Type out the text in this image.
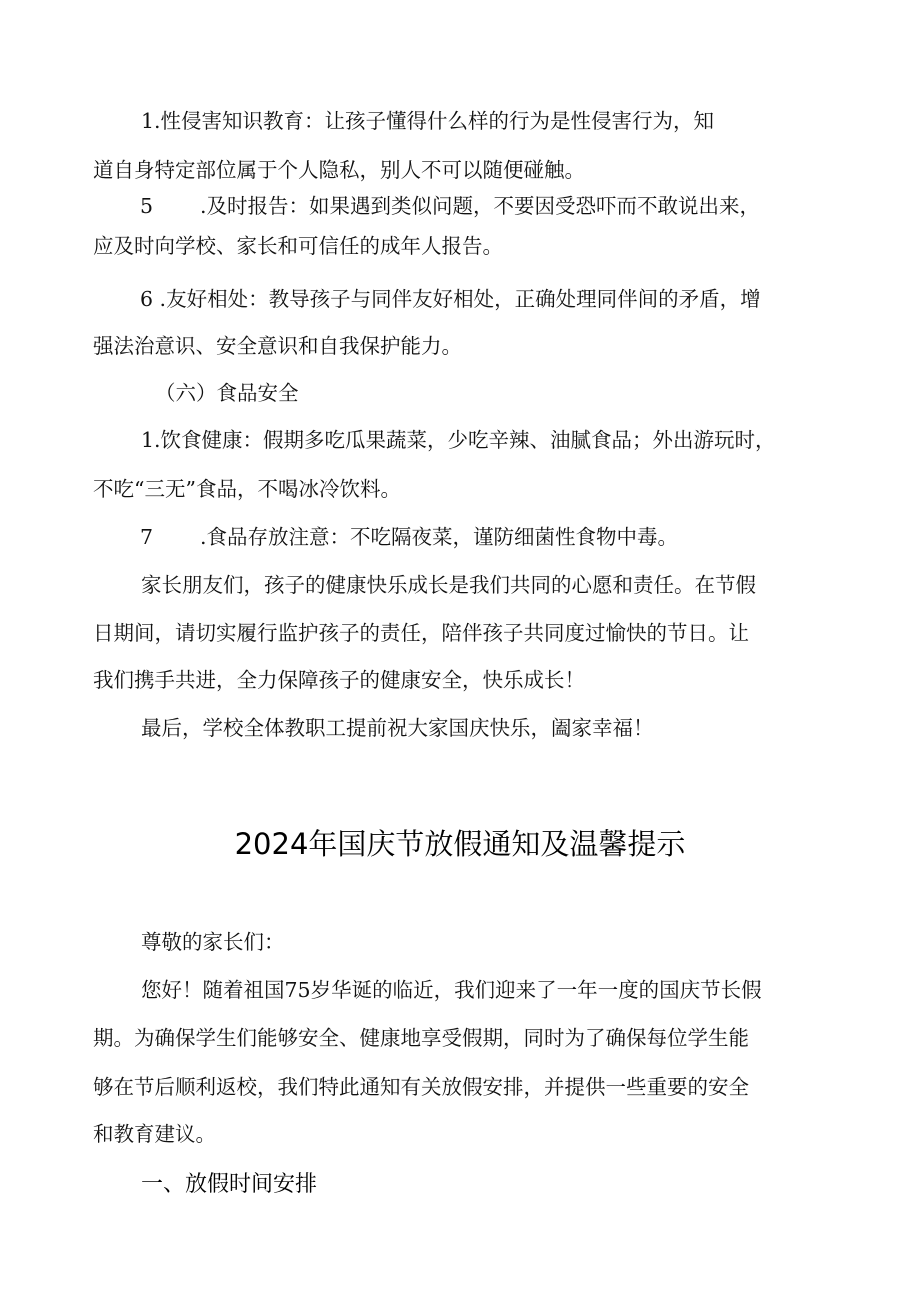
1.性侵害知识教育：让孩子懂得什么样的行为是性侵害行为，知
道自身特定部位属于个人隐私，别人不可以随便碰触。
5 .及时报告：如果遇到类似问题，不要因受恐吓而不敢说出来，
应及时向学校、家长和可信任的成年人报告。
6 .友好相处：教导孩子与同伴友好相处，正确处理同伴间的矛盾，增
强法治意识、安全意识和自我保护能力。
（六）食品安全
1.饮食健康：假期多吃瓜果蔬菜，少吃辛辣、油腻食品；外出游玩时，
不吃“三无”食品，不喝冰冷饮料。
7 .食品存放注意：不吃隔夜菜，谨防细菌性食物中毒。
家长朋友们，孩子的健康快乐成长是我们共同的心愿和责任。在节假
日期间，请切实履行监护孩子的责任，陪伴孩子共同度过愉快的节日。让
我们携手共进，全力保障孩子的健康安全，快乐成长！
最后，学校全体教职工提前祝大家国庆快乐，阖家幸福！
2024年国庆节放假通知及温馨提示
尊敬的家长们：
您好！随着祖国75岁华诞的临近，我们迎来了一年一度的国庆节长假
期。为确保学生们能够安全、健康地享受假期，同时为了确保每位学生能
够在节后顺利返校，我们特此通知有关放假安排，并提供一些重要的安全
和教育建议。
一、放假时间安排
